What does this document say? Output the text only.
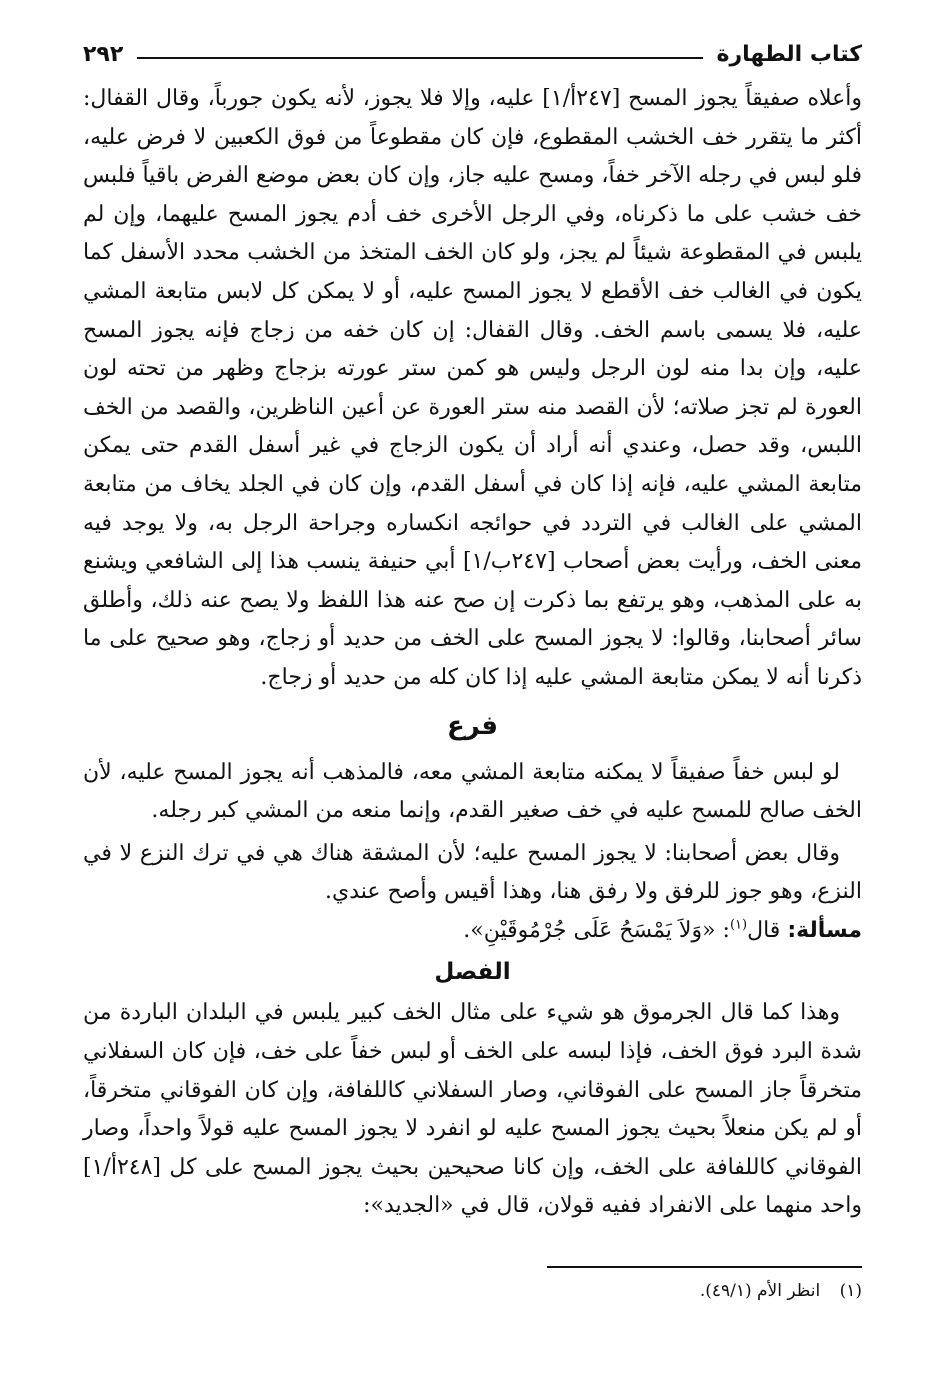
كتاب الطهارة
٢٩٢

وأعلاه صفيقاً يجوز المسح [٢٤٧أ/١] عليه، وإلا فلا يجوز، لأنه يكون جورباً، وقال القفال: أكثر ما يتقرر خف الخشب المقطوع، فإن كان مقطوعاً من فوق الكعبين لا فرض عليه، فلو لبس في رجله الآخر خفاً، ومسح عليه جاز، وإن كان بعض موضع الفرض باقياً فلبس خف خشب على ما ذكرناه، وفي الرجل الأخرى خف أدم يجوز المسح عليهما، وإن لم يلبس في المقطوعة شيئاً لم يجز، ولو كان الخف المتخذ من الخشب محدد الأسفل كما يكون في الغالب خف الأقطع لا يجوز المسح عليه، أو لا يمكن كل لابس متابعة المشي عليه، فلا يسمى باسم الخف. وقال القفال: إن كان خفه من زجاج فإنه يجوز المسح عليه، وإن بدا منه لون الرجل وليس هو كمن ستر عورته بزجاج وظهر من تحته لون العورة لم تجز صلاته؛ لأن القصد منه ستر العورة عن أعين الناظرين، والقصد من الخف اللبس، وقد حصل، وعندي أنه أراد أن يكون الزجاج في غير أسفل القدم حتى يمكن متابعة المشي عليه، فإنه إذا كان في أسفل القدم، وإن كان في الجلد يخاف من متابعة المشي على الغالب في التردد في حوائجه انكساره وجراحة الرجل به، ولا يوجد فيه معنى الخف، ورأيت بعض أصحاب [٢٤٧ب/١] أبي حنيفة ينسب هذا إلى الشافعي ويشنع به على المذهب، وهو يرتفع بما ذكرت إن صح عنه هذا اللفظ ولا يصح عنه ذلك، وأطلق سائر أصحابنا، وقالوا: لا يجوز المسح على الخف من حديد أو زجاج، وهو صحيح على ما ذكرنا أنه لا يمكن متابعة المشي عليه إذا كان كله من حديد أو زجاج.

فرع

لو لبس خفاً صفيقاً لا يمكنه متابعة المشي معه، فالمذهب أنه يجوز المسح عليه، لأن الخف صالح للمسح عليه في خف صغير القدم، وإنما منعه من المشي كبر رجله.

وقال بعض أصحابنا: لا يجوز المسح عليه؛ لأن المشقة هناك هي في ترك النزع لا في النزع، وهو جوز للرفق ولا رفق هنا، وهذا أقيس وأصح عندي.

مسألة: قال$^{(١)}$: «وَلاَ يَمْسَحُ عَلَى جُرْمُوقَيْنِ».

الفصل

وهذا كما قال الجرموق هو شيء على مثال الخف كبير يلبس في البلدان الباردة من شدة البرد فوق الخف، فإذا لبسه على الخف أو لبس خفاً على خف، فإن كان السفلاني متخرقاً جاز المسح على الفوقاني، وصار السفلاني كاللفافة، وإن كان الفوقاني متخرقاً، أو لم يكن منعلاً بحيث يجوز المسح عليه لو انفرد لا يجوز المسح عليه قولاً واحداً، وصار الفوقاني كاللفافة على الخف، وإن كانا صحيحين بحيث يجوز المسح على كل [٢٤٨أ/١] واحد منهما على الانفراد ففيه قولان، قال في «الجديد»:

(١) انظر الأم (٤٩/١).
